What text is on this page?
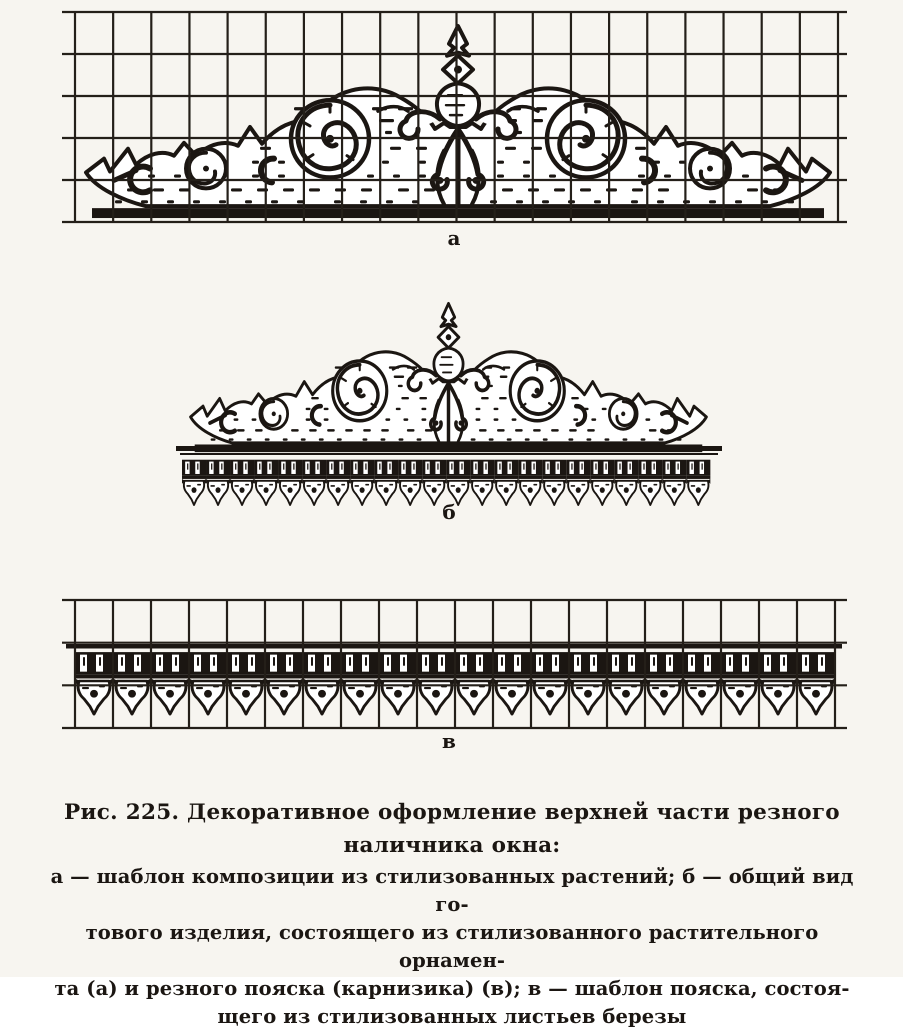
а
б
в
Рис. 225. Декоративное оформление верхней части резного
наличника окна:
а — шаблон композиции из стилизованных растений; б — общий вид го-
тового изделия, состоящего из стилизованного растительного орнамен-
та (а) и резного пояска (карнизика) (в); в — шаблон пояска, состоя-
щего из стилизованных листьев березы
